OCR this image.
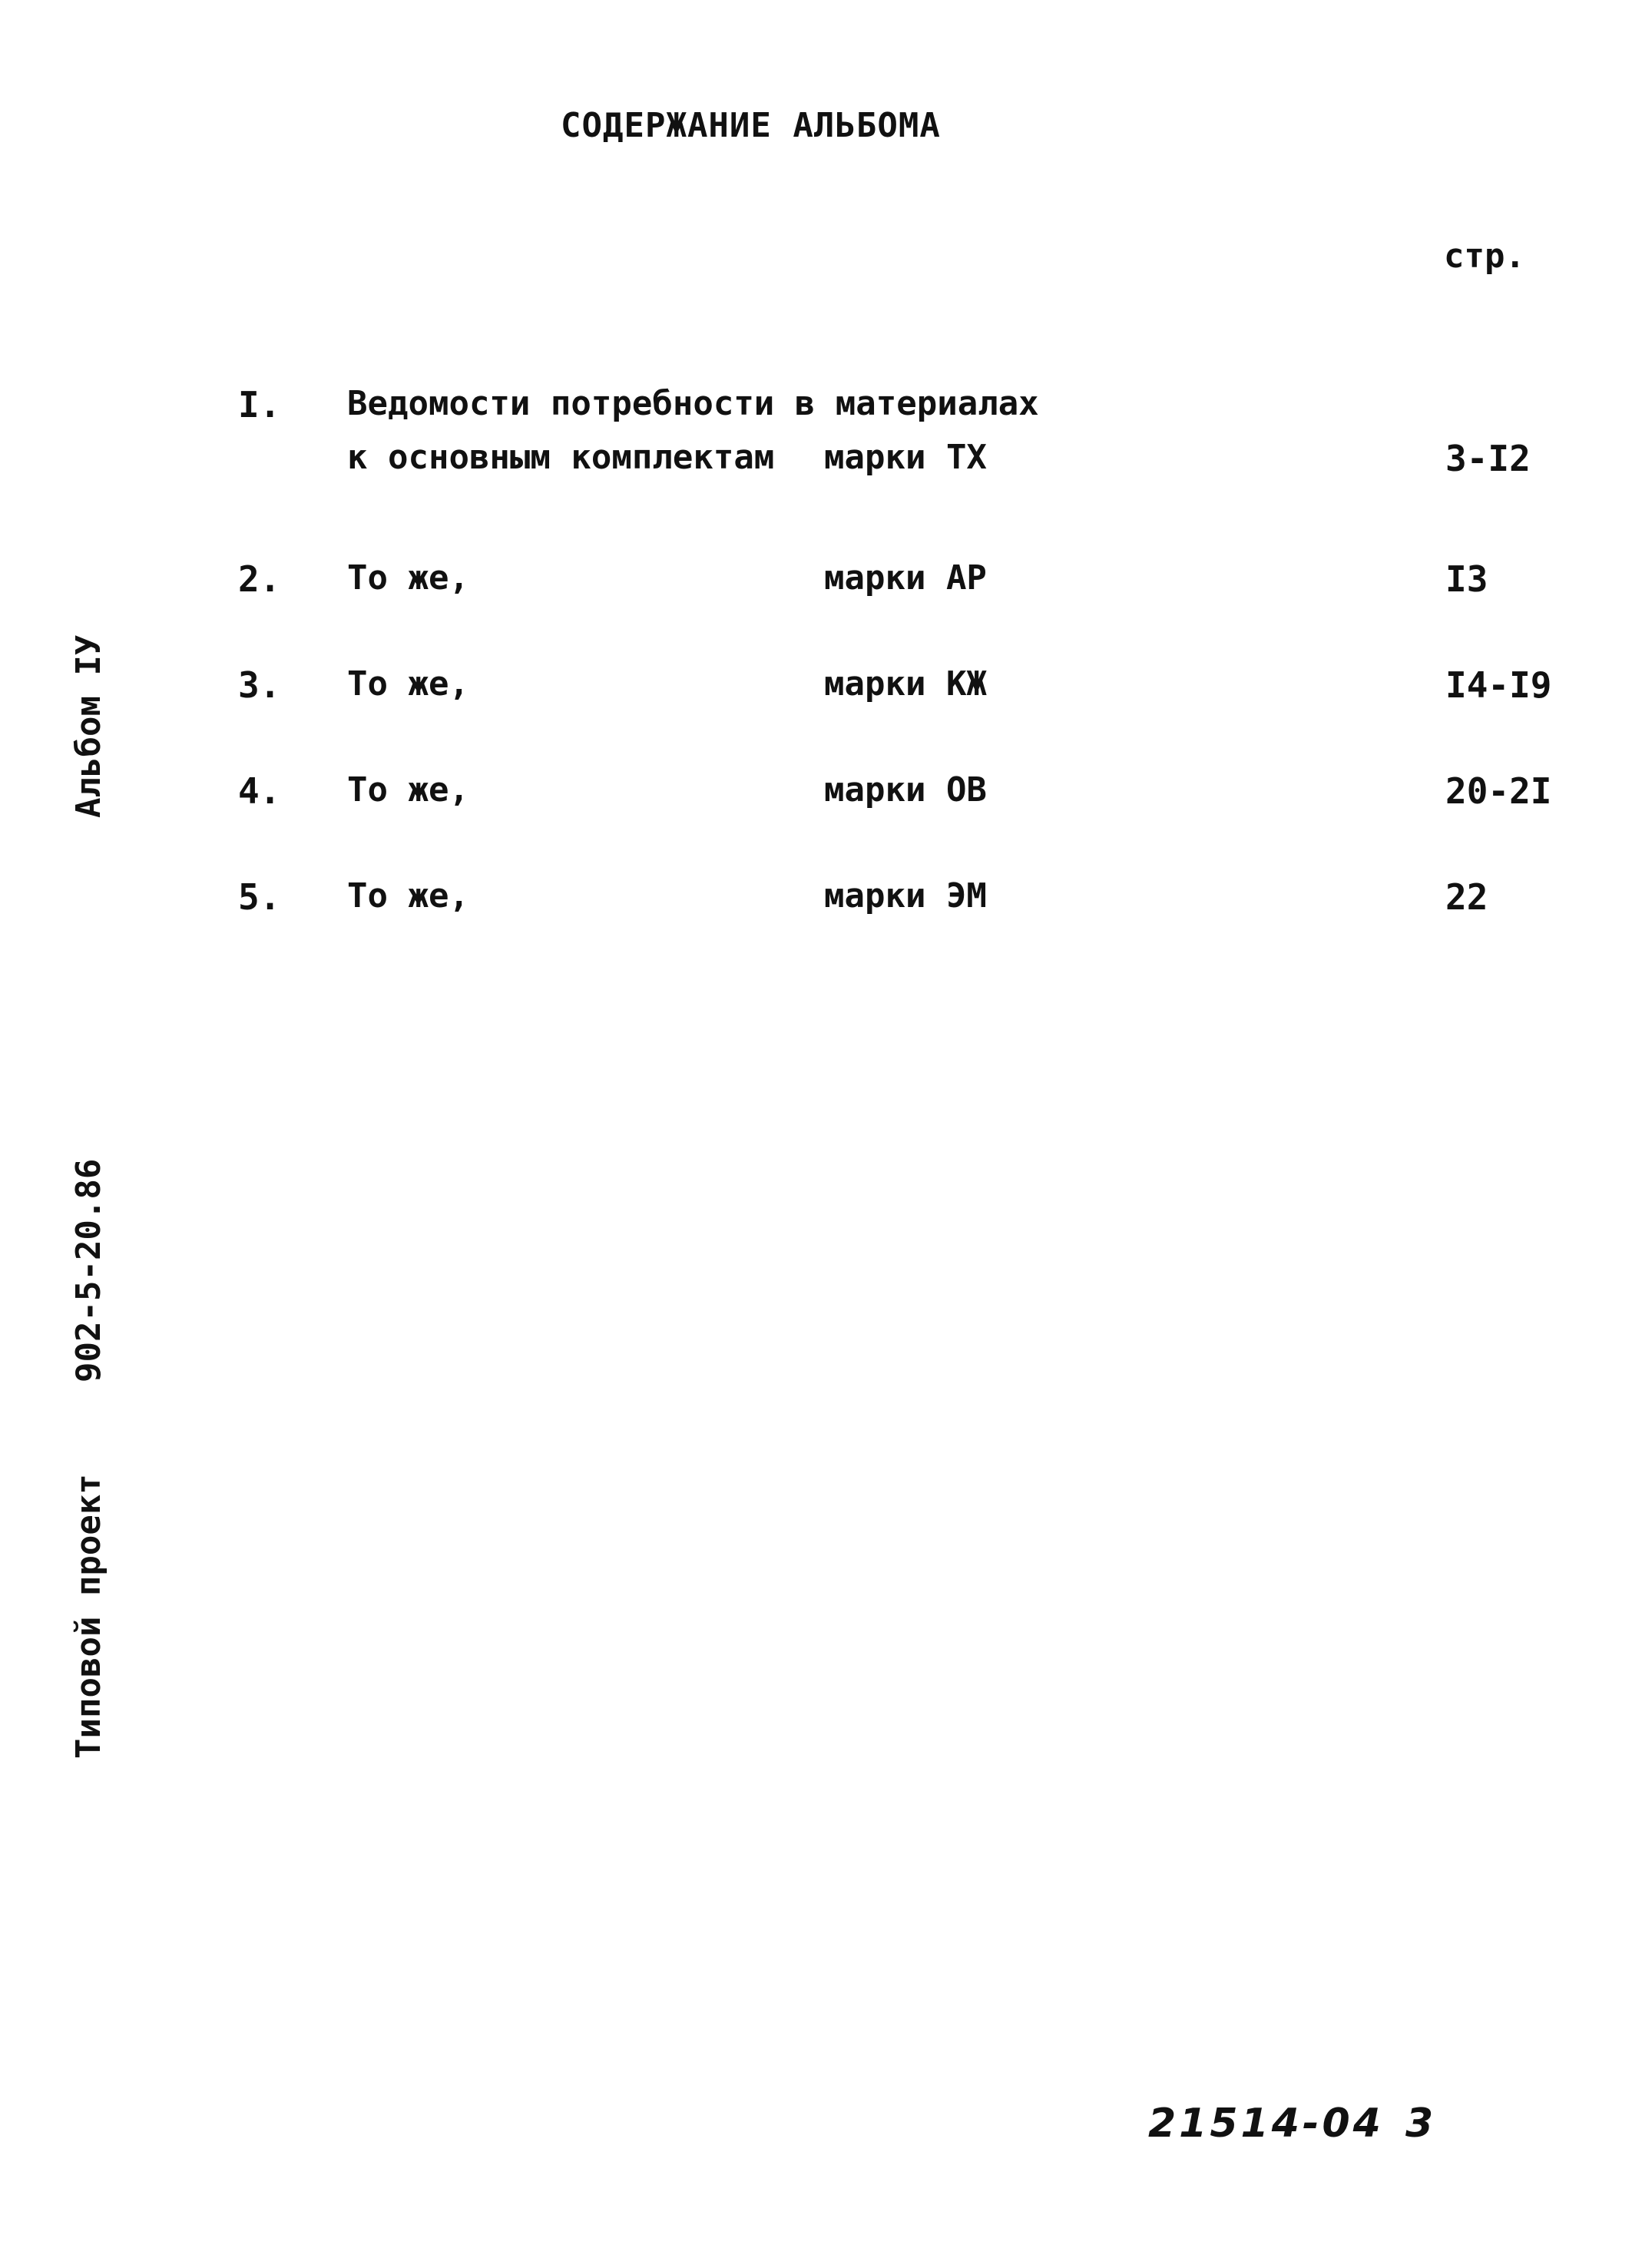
СОДЕРЖАНИЕ АЛЬБОМА
стр.
I. Ведомости потребности в материалах
к основным комплектам марки ТХ	3-I2
2. То же,	марки АР	I3
3. То же,	марки КЖ	I4-I9
4. То же,	марки ОВ	20-2I
5. То же,	марки ЭМ	22
Альбом IУ
Типовой проект
902-5-20.86
21514-04 3
